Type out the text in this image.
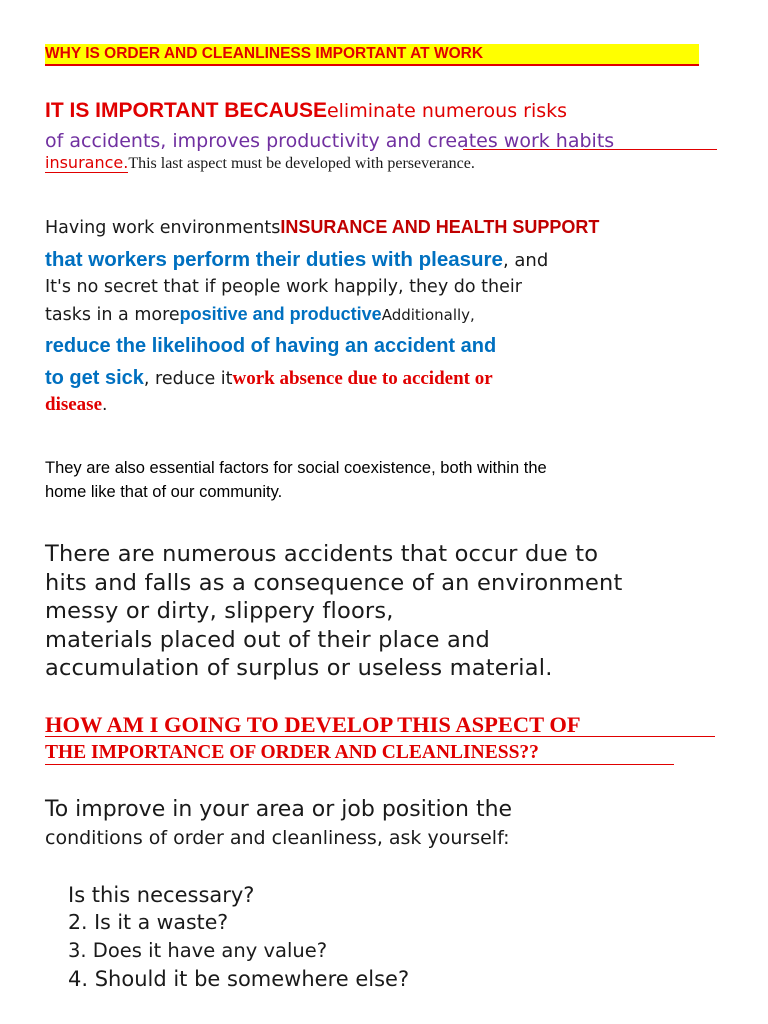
WHY IS ORDER AND CLEANLINESS IMPORTANT AT WORK
IT IS IMPORTANT BECAUSEeliminate numerous risks
of accidents, improves productivity and creates work habits
insurance.This last aspect must be developed with perseverance.
Having work environmentsINSURANCE AND HEALTH SUPPORT
that workers perform their duties with pleasure, and
It's no secret that if people work happily, they do their
tasks in a morepositive and productiveAdditionally,
reduce the likelihood of having an accident and
to get sick, reduce itwork absence due to accident or
disease.
They are also essential factors for social coexistence, both within the
home like that of our community.
There are numerous accidents that occur due to
hits and falls as a consequence of an environment
messy or dirty, slippery floors,
materials placed out of their place and
accumulation of surplus or useless material.
HOW AM I GOING TO DEVELOP THIS ASPECT OF
THE IMPORTANCE OF ORDER AND CLEANLINESS??
To improve in your area or job position the
conditions of order and cleanliness, ask yourself:
Is this necessary?
2. Is it a waste?
3. Does it have any value?
4. Should it be somewhere else?
